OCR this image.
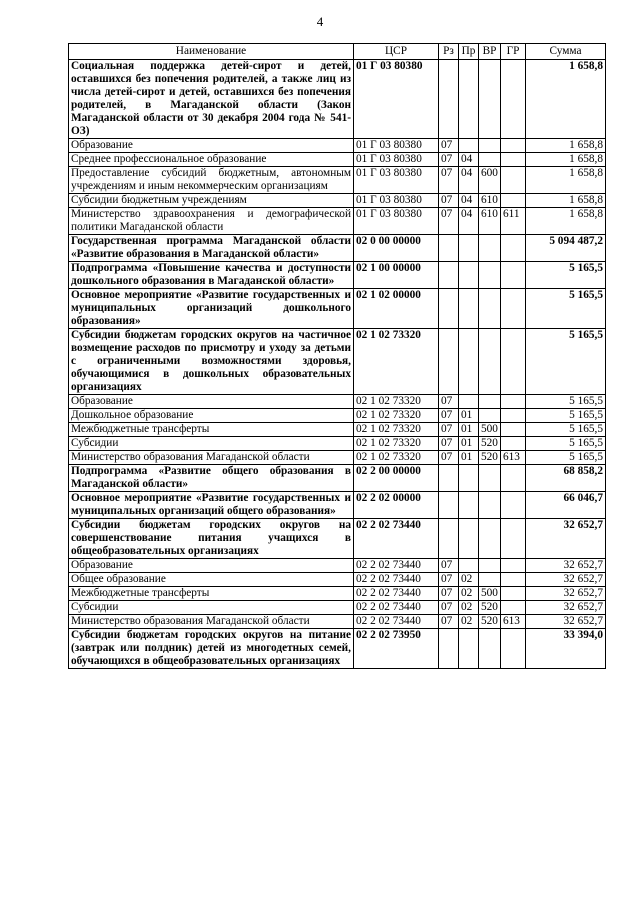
4
Наименование	ЦСР	Рз	Пр	ВР	ГР	Сумма
Социальная поддержка детей-сирот и детей, оставшихся без попечения родителей, а также лиц из числа детей-сирот и детей, оставшихся без попечения родителей, в Магаданской области (Закон Магаданской области от 30 декабря 2004 года № 541-ОЗ)	01 Г 03 80380					1 658,8
Образование	01 Г 03 80380	07				1 658,8
Среднее профессиональное образование	01 Г 03 80380	07	04			1 658,8
Предоставление субсидий бюджетным, автономным учреждениям и иным некоммерческим организациям	01 Г 03 80380	07	04	600		1 658,8
Субсидии бюджетным учреждениям	01 Г 03 80380	07	04	610		1 658,8
Министерство здравоохранения и демографической политики Магаданской области	01 Г 03 80380	07	04	610	611	1 658,8
Государственная программа Магаданской области «Развитие образования в Магаданской области»	02 0 00 00000					5 094 487,2
Подпрограмма «Повышение качества и доступности дошкольного образования в Магаданской области»	02 1 00 00000					5 165,5
Основное мероприятие «Развитие государственных и муниципальных организаций дошкольного образования»	02 1 02 00000					5 165,5
Субсидии бюджетам городских округов на частичное возмещение расходов по присмотру и уходу за детьми с ограниченными возможностями здоровья, обучающимися в дошкольных образовательных организациях	02 1 02 73320					5 165,5
Образование	02 1 02 73320	07				5 165,5
Дошкольное образование	02 1 02 73320	07	01			5 165,5
Межбюджетные трансферты	02 1 02 73320	07	01	500		5 165,5
Субсидии	02 1 02 73320	07	01	520		5 165,5
Министерство образования Магаданской области	02 1 02 73320	07	01	520	613	5 165,5
Подпрограмма «Развитие общего образования в Магаданской области»	02 2 00 00000					68 858,2
Основное мероприятие «Развитие государственных и муниципальных организаций общего образования»	02 2 02 00000					66 046,7
Субсидии бюджетам городских округов на совершенствование питания учащихся в общеобразовательных организациях	02 2 02 73440					32 652,7
Образование	02 2 02 73440	07				32 652,7
Общее образование	02 2 02 73440	07	02			32 652,7
Межбюджетные трансферты	02 2 02 73440	07	02	500		32 652,7
Субсидии	02 2 02 73440	07	02	520		32 652,7
Министерство образования Магаданской области	02 2 02 73440	07	02	520	613	32 652,7
Субсидии бюджетам городских округов на питание (завтрак или полдник) детей из многодетных семей, обучающихся в общеобразовательных организациях	02 2 02 73950					33 394,0
